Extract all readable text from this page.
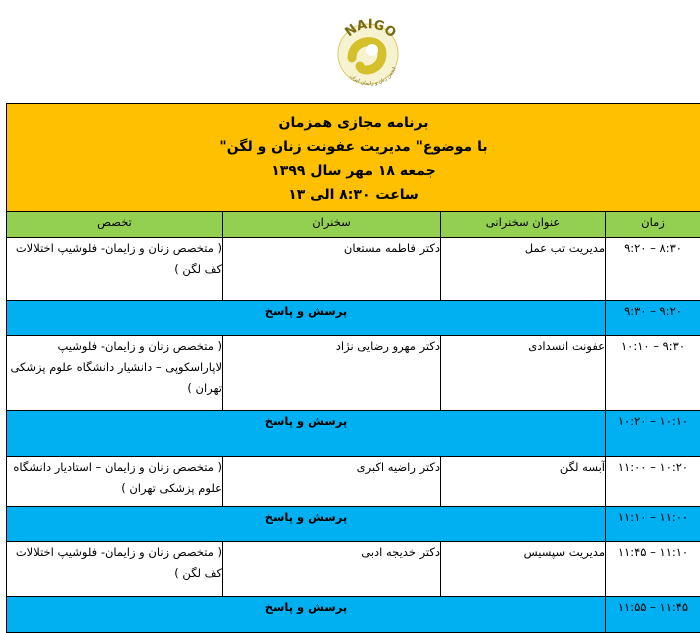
NAIGO
انجمن زنان و زایمان ایران
برنامه مجازی همزمان
با موضوع" مدیریت عفونت زنان و لگن"
جمعه ۱۸ مهر سال ۱۳۹۹
ساعت ۸:۳۰ الی ۱۳			

زمان	عنوان سخنرانی	سخنران	تخصص
۸:۳۰ – ۹:۲۰	مدیریت تب عمل	دکتر فاطمه مستعان	( متخصص زنان و زایمان- فلوشیپ اختلالات کف لگن )
۹:۲۰ – ۹:۳۰	پرسش و پاسخ		
۹:۳۰ – ۱۰:۱۰	عفونت انسدادی	دکتر مهرو رضایی نژاد	( متخصص زنان و زایمان- فلوشیپ لاپاراسکوپی – دانشیار دانشگاه علوم پزشکی تهران )
۱۰:۱۰ – ۱۰:۲۰	پرسش و پاسخ		
۱۰:۲۰ – ۱۱:۰۰	آبسه لگن	دکتر راضیه اکبری	( متخصص زنان و زایمان – استادیار دانشگاه علوم پزشکی تهران )
۱۱:۰۰ – ۱۱:۱۰	پرسش و پاسخ		
۱۱:۱۰ – ۱۱:۴۵	مدیریت سپسیس	دکتر خدیجه ادبی	( متخصص زنان و زایمان- فلوشیپ اختلالات کف لگن )
۱۱:۴۵ – ۱۱:۵۵	پرسش و پاسخ		
